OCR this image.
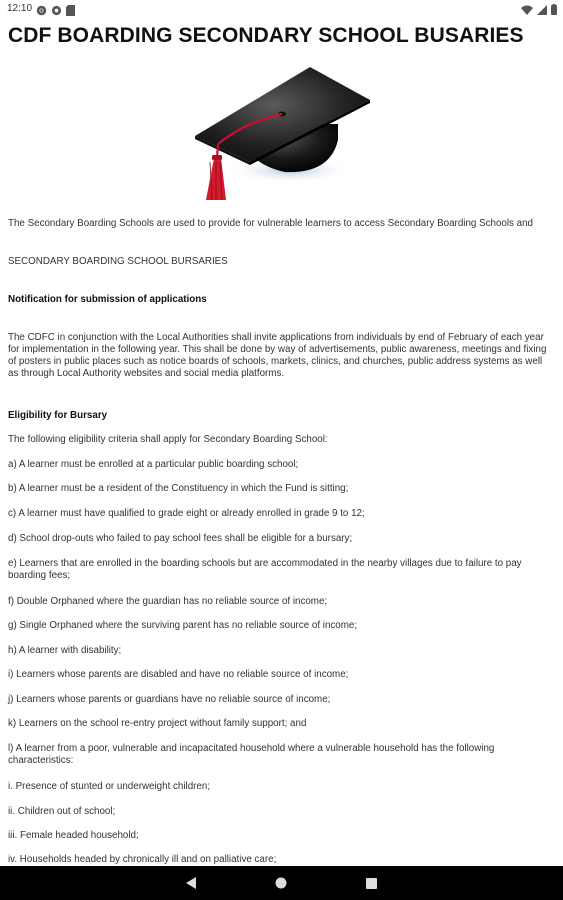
12:10
CDF BOARDING SECONDARY SCHOOL BUSARIES

The Secondary Boarding Schools are used to provide for vulnerable learners to access Secondary Boarding Schools and

SECONDARY BOARDING SCHOOL BURSARIES

Notification for submission of applications

The CDFC in conjunction with the Local Authorities shall invite applications from individuals by end of February of each year for implementation in the following year. This shall be done by way of advertisements, public awareness, meetings and fixing of posters in public places such as notice boards of schools, markets, clinics, and churches, public address systems as well as through Local Authority websites and social media platforms.

Eligibility for Bursary

The following eligibility criteria shall apply for Secondary Boarding School:

a) A learner must be enrolled at a particular public boarding school;

b) A learner must be a resident of the Constituency in which the Fund is sitting;

c) A learner must have qualified to grade eight or already enrolled in grade 9 to 12;

d) School drop-outs who failed to pay school fees shall be eligible for a bursary;

e) Learners that are enrolled in the boarding schools but are accommodated in the nearby villages due to failure to pay boarding fees;

f) Double Orphaned where the guardian has no reliable source of income;

g) Single Orphaned where the surviving parent has no reliable source of income;

h) A learner with disability;

i) Learners whose parents are disabled and have no reliable source of income;

j) Learners whose parents or guardians have no reliable source of income;

k) Learners on the school re-entry project without family support; and

l) A learner from a poor, vulnerable and incapacitated household where a vulnerable household has the following characteristics:

i. Presence of stunted or underweight children;

ii. Children out of school;

iii. Female headed household;

iv. Households headed by chronically ill and on palliative care;
